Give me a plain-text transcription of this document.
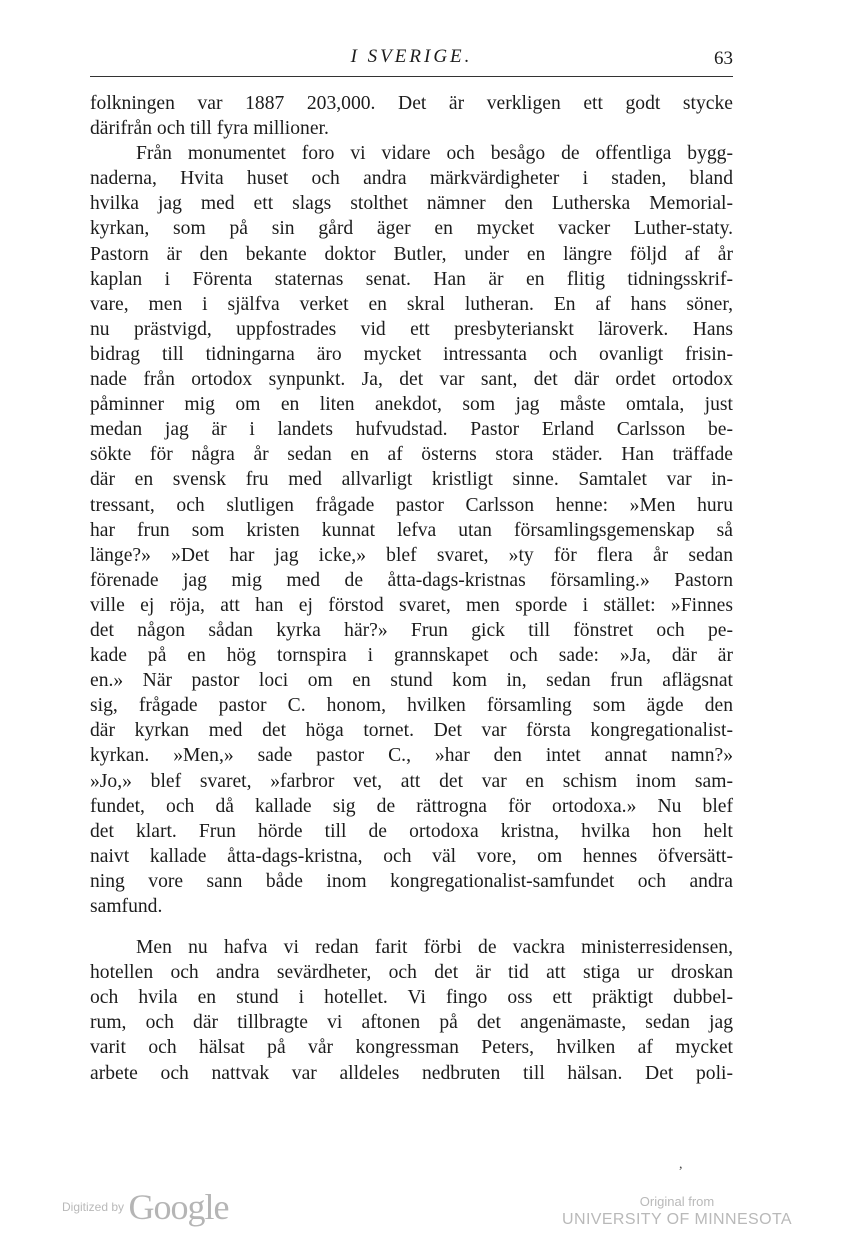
I SVERIGE.	63

folkningen var 1887 203,000. Det är verkligen ett godt stycke
därifrån och till fyra millioner.

Från monumentet foro vi vidare och besågo de offentliga bygg-
naderna, Hvita huset och andra märkvärdigheter i staden, bland
hvilka jag med ett slags stolthet nämner den Lutherska Memorial-
kyrkan, som på sin gård äger en mycket vacker Luther-staty.
Pastorn är den bekante doktor Butler, under en längre följd af år
kaplan i Förenta staternas senat. Han är en flitig tidningsskrif-
vare, men i själfva verket en skral lutheran. En af hans söner,
nu prästvigd, uppfostrades vid ett presbyterianskt läroverk. Hans
bidrag till tidningarna äro mycket intressanta och ovanligt frisin-
nade från ortodox synpunkt. Ja, det var sant, det där ordet ortodox
påminner mig om en liten anekdot, som jag måste omtala, just
medan jag är i landets hufvudstad. Pastor Erland Carlsson be-
sökte för några år sedan en af österns stora städer. Han träffade
där en svensk fru med allvarligt kristligt sinne. Samtalet var in-
tressant, och slutligen frågade pastor Carlsson henne: »Men huru
har frun som kristen kunnat lefva utan församlingsgemenskap så
länge?» »Det har jag icke,» blef svaret, »ty för flera år sedan
förenade jag mig med de åtta-dags-kristnas församling.» Pastorn
ville ej röja, att han ej förstod svaret, men sporde i stället: »Finnes
det någon sådan kyrka här?» Frun gick till fönstret och pe-
kade på en hög tornspira i grannskapet och sade: »Ja, där är
en.» När pastor loci om en stund kom in, sedan frun aflägsnat
sig, frågade pastor C. honom, hvilken församling som ägde den
där kyrkan med det höga tornet. Det var första kongregationalist-
kyrkan. »Men,» sade pastor C., »har den intet annat namn?»
»Jo,» blef svaret, »farbror vet, att det var en schism inom sam-
fundet, och då kallade sig de rättrogna för ortodoxa.» Nu blef
det klart. Frun hörde till de ortodoxa kristna, hvilka hon helt
naivt kallade åtta-dags-kristna, och väl vore, om hennes öfversätt-
ning vore sann både inom kongregationalist-samfundet och andra
samfund.

Men nu hafva vi redan farit förbi de vackra ministerresidensen,
hotellen och andra sevärdheter, och det är tid att stiga ur droskan
och hvila en stund i hotellet. Vi fingo oss ett präktigt dubbel-
rum, och där tillbragte vi aftonen på det angenämaste, sedan jag
varit och hälsat på vår kongressman Peters, hvilken af mycket
arbete och nattvak var alldeles nedbruten till hälsan. Det poli-

,
Digitized by Google	Original from
UNIVERSITY OF MINNESOTA
